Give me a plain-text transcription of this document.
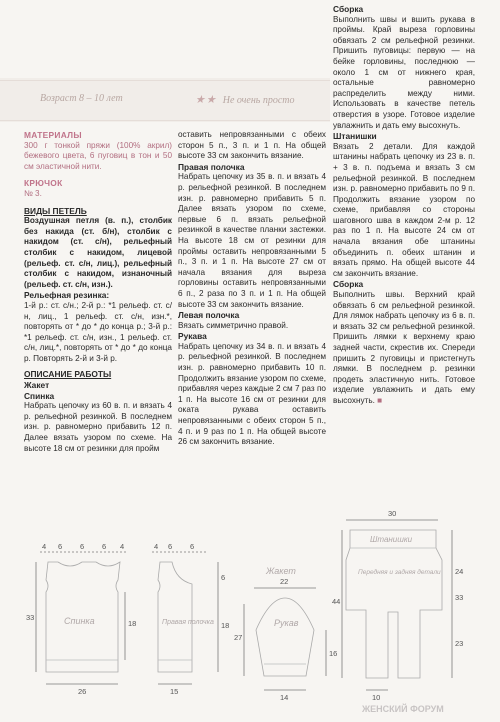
Возраст 8 – 10 лет	★★ Не очень просто
МАТЕРИАЛЫ

300 г тонкой пряжи (100% акрил) бежевого цвета, 6 пуговиц в тон и 50 см эластичной нити.

КРЮЧОК

№ 3.

ВИДЫ ПЕТЕЛЬ

Воздушная петля (в. п.), столбик без накида (ст. б/н), столбик с накидом (ст. с/н), рельефный столбик с накидом, лицевой (рельеф. ст. с/н, лиц.), рельефный столбик с накидом, изнаночный (рельеф. ст. с/н, изн.).

Рельефная резинка:

1-й р.: ст. с/н.; 2-й р.: *1 рельеф. ст. с/н, лиц., 1 рельеф. ст. с/н, изн.*, повторять от * до * до конца р.; 3-й р.: *1 рельеф. ст. с/н, изн., 1 рельеф. ст. с/н, лиц.*, повторять от * до * до конца р. Повторять 2-й и 3-й р.

ОПИСАНИЕ РАБОТЫ
Жакет
Спинка

Набрать цепочку из 60 в. п. и вязать 4 р. рельефной резинкой. В последнем изн. р. равномерно прибавить 12 п. Далее вязать узором по схеме. На высоте 18 см от резинки для пройм

оставить непровязанными с обеих сторон 5 п., 3 п. и 1 п. На общей высоте 33 см закончить вязание.

Правая полочка

Набрать цепочку из 35 в. п. и вязать 4 р. рельефной резинкой. В последнем изн. р. равномерно прибавить 5 п. Далее вязать узором по схеме, первые 6 п. вязать рельефной резинкой в качестве планки застежки. На высоте 18 см от резинки для проймы оставить непровязанными 5 п., 3 п. и 1 п. На высоте 27 см от начала вязания для выреза горловины оставить непровязанными 6 п., 2 раза по 3 п. и 1 п. На общей высоте 33 см закончить вязание.

Левая полочка

Вязать симметрично правой.

Рукава

Набрать цепочку из 34 в. п. и вязать 4 р. рельефной резинкой. В последнем изн. р. равномерно прибавить 10 п. Продолжить вязание узором по схеме, прибавляя через каждые 2 см 7 раз по 1 п. На высоте 16 см от резинки для оката рукава оставить непровязанными с обеих сторон 5 п., 4 п. и 9 раз по 1 п. На общей высоте 26 см закончить вязание.

Сборка

Выполнить швы и вшить рукава в проймы. Край выреза горловины обвязать 2 см рельефной резинки. Пришить пуговицы: первую — на бейке горловины, последнюю — около 1 см от нижнего края, остальные равномерно распределить между ними. Использовать в качестве петель отверстия в узоре. Готовое изделие увлажнить и дать ему высохнуть.

Штанишки

Вязать 2 детали. Для каждой штанины набрать цепочку из 23 в. п. + 3 в. п. подъема и вязать 3 см рельефной резинкой. В последнем изн. р. равномерно прибавить по 9 п. Продолжить вязание узором по схеме, прибавляя со стороны шаговного шва в каждом 2-м р. 12 раз по 1 п. На высоте 24 см от начала вязания обе штанины объединить п. обеих штанин и вязать прямо. На общей высоте 44 см закончить вязание.

Сборка

Выполнить швы. Верхний край обвязать 6 см рельефной резинкой. Для лямок набрать цепочку из 6 в. п. и вязать 32 см рельефной резинкой. Пришить лямки к верхнему краю задней части, скрестив их. Спереди пришить 2 пуговицы и пристегнуть лямки. В последнем р. резинки продеть эластичную нить. Готовое изделие увлажнить и дать ему высохнуть. ■

4 6 6 6 4
33
18
26
Спинка
4 6 6
6
18
15
Правая полочка
Жакет
22
27
16
14
Рукав
30
44
24
33
23
10
Штанишки
Передняя и задняя детали
ЖЕНСКИЙ ФОРУМ
